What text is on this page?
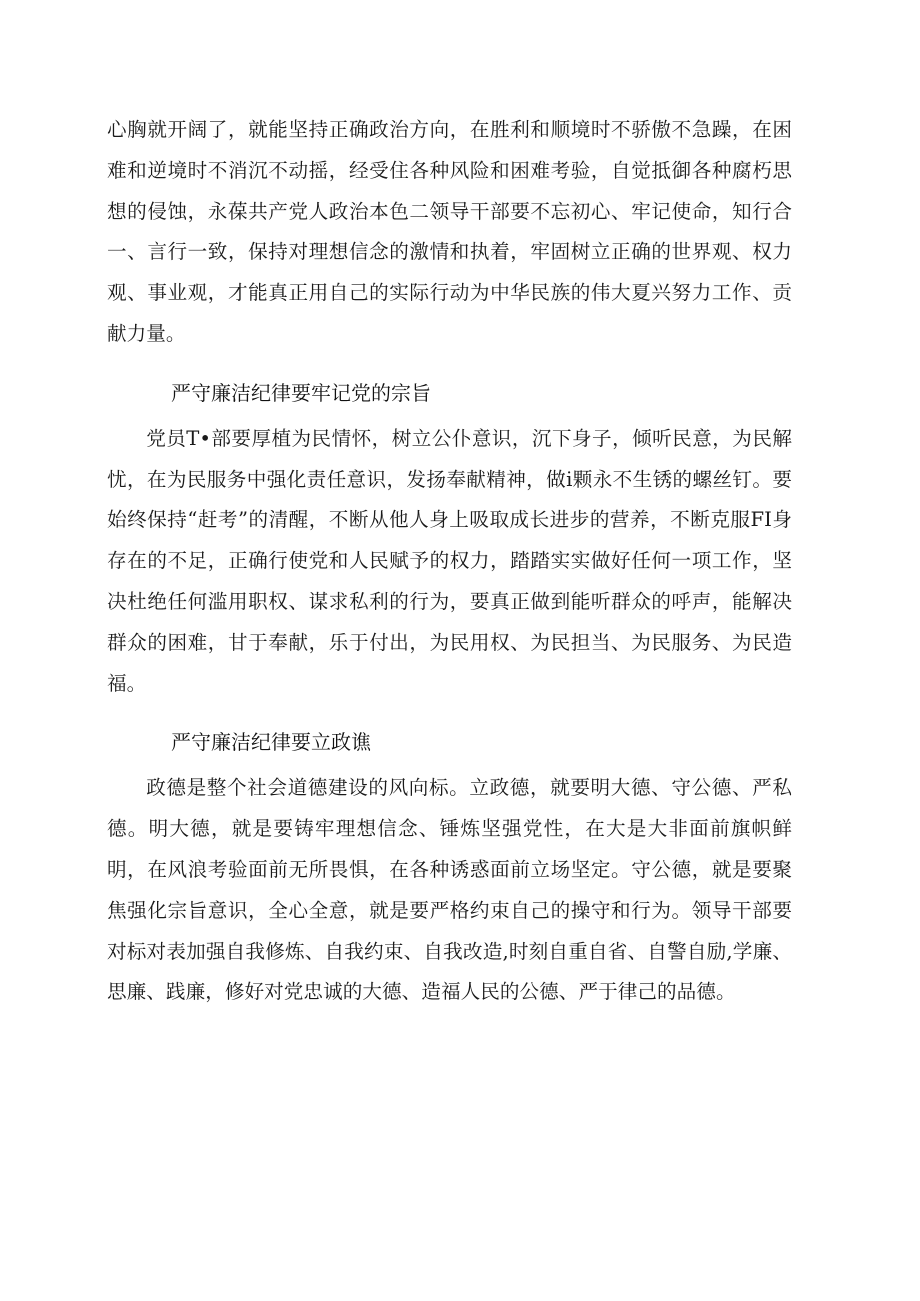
心胸就开阔了，就能坚持正确政治方向，在胜利和顺境时不骄傲不急躁，在困难和逆境时不消沉不动摇，经受住各种风险和困难考验，自觉抵御各种腐朽思想的侵蚀，永葆共产党人政治本色二领导干部要不忘初心、牢记使命，知行合一、言行一致，保持对理想信念的激情和执着，牢固树立正确的世界观、权力观、事业观，才能真正用自己的实际行动为中华民族的伟大夏兴努力工作、贡献力量。

严守廉洁纪律要牢记党的宗旨

党员T•部要厚植为民情怀，树立公仆意识，沉下身子，倾听民意，为民解忧，在为民服务中强化责任意识，发扬奉献精神，做i颗永不生锈的螺丝钉。要始终保持“赶考”的清醒，不断从他人身上吸取成长进步的营养，不断克服FI身存在的不足，正确行使党和人民赋予的权力，踏踏实实做好任何一项工作，坚决杜绝任何滥用职权、谋求私利的行为，要真正做到能听群众的呼声，能解决群众的困难，甘于奉献，乐于付出，为民用权、为民担当、为民服务、为民造福。

严守廉洁纪律要立政谯

政德是整个社会道德建设的风向标。立政德，就要明大德、守公德、严私德。明大德，就是要铸牢理想信念、锤炼坚强党性，在大是大非面前旗帜鲜明，在风浪考验面前无所畏惧，在各种诱惑面前立场坚定。守公德，就是要聚焦强化宗旨意识，全心全意，就是要严格约束自己的操守和行为。领导干部要对标对表加强自我修炼、自我约束、自我改造,时刻自重自省、自警自励,学廉、思廉、践廉，修好对党忠诚的大德、造福人民的公德、严于律己的品德。
